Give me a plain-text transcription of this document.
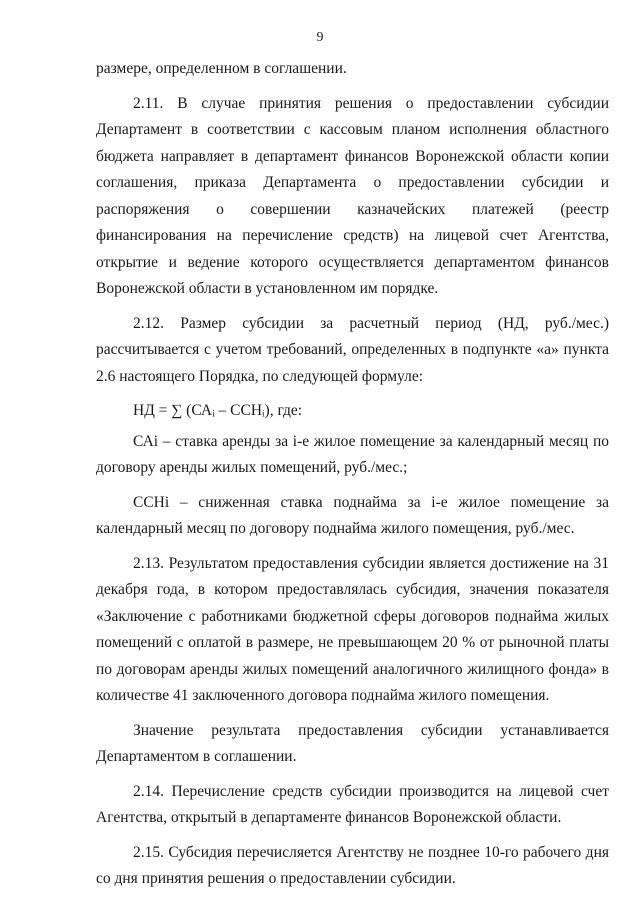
9

размере, определенном в соглашении.

2.11. В случае принятия решения о предоставлении субсидии Департамент в соответствии с кассовым планом исполнения областного бюджета направляет в департамент финансов Воронежской области копии соглашения, приказа Департамента о предоставлении субсидии и распоряжения о совершении казначейских платежей (реестр финансирования на перечисление средств) на лицевой счет Агентства, открытие и ведение которого осуществляется департаментом финансов Воронежской области в установленном им порядке.

2.12. Размер субсидии за расчетный период (НД, руб./мес.) рассчитывается с учетом требований, определенных в подпункте «а» пункта 2.6 настоящего Порядка, по следующей формуле:

НД = ∑ (САᵢ – ССНᵢ), где:

САi – ставка аренды за i-е жилое помещение за календарный месяц по договору аренды жилых помещений, руб./мес.;

ССНi – сниженная ставка поднайма за i-е жилое помещение за календарный месяц по договору поднайма жилого помещения, руб./мес.

2.13. Результатом предоставления субсидии является достижение на 31 декабря года, в котором предоставлялась субсидия, значения показателя «Заключение с работниками бюджетной сферы договоров поднайма жилых помещений с оплатой в размере, не превышающем 20 % от рыночной платы по договорам аренды жилых помещений аналогичного жилищного фонда» в количестве 41 заключенного договора поднайма жилого помещения.

Значение результата предоставления субсидии устанавливается Департаментом в соглашении.

2.14. Перечисление средств субсидии производится на лицевой счет Агентства, открытый в департаменте финансов Воронежской области.

2.15. Субсидия перечисляется Агентству не позднее 10-го рабочего дня со дня принятия решения о предоставлении субсидии.
